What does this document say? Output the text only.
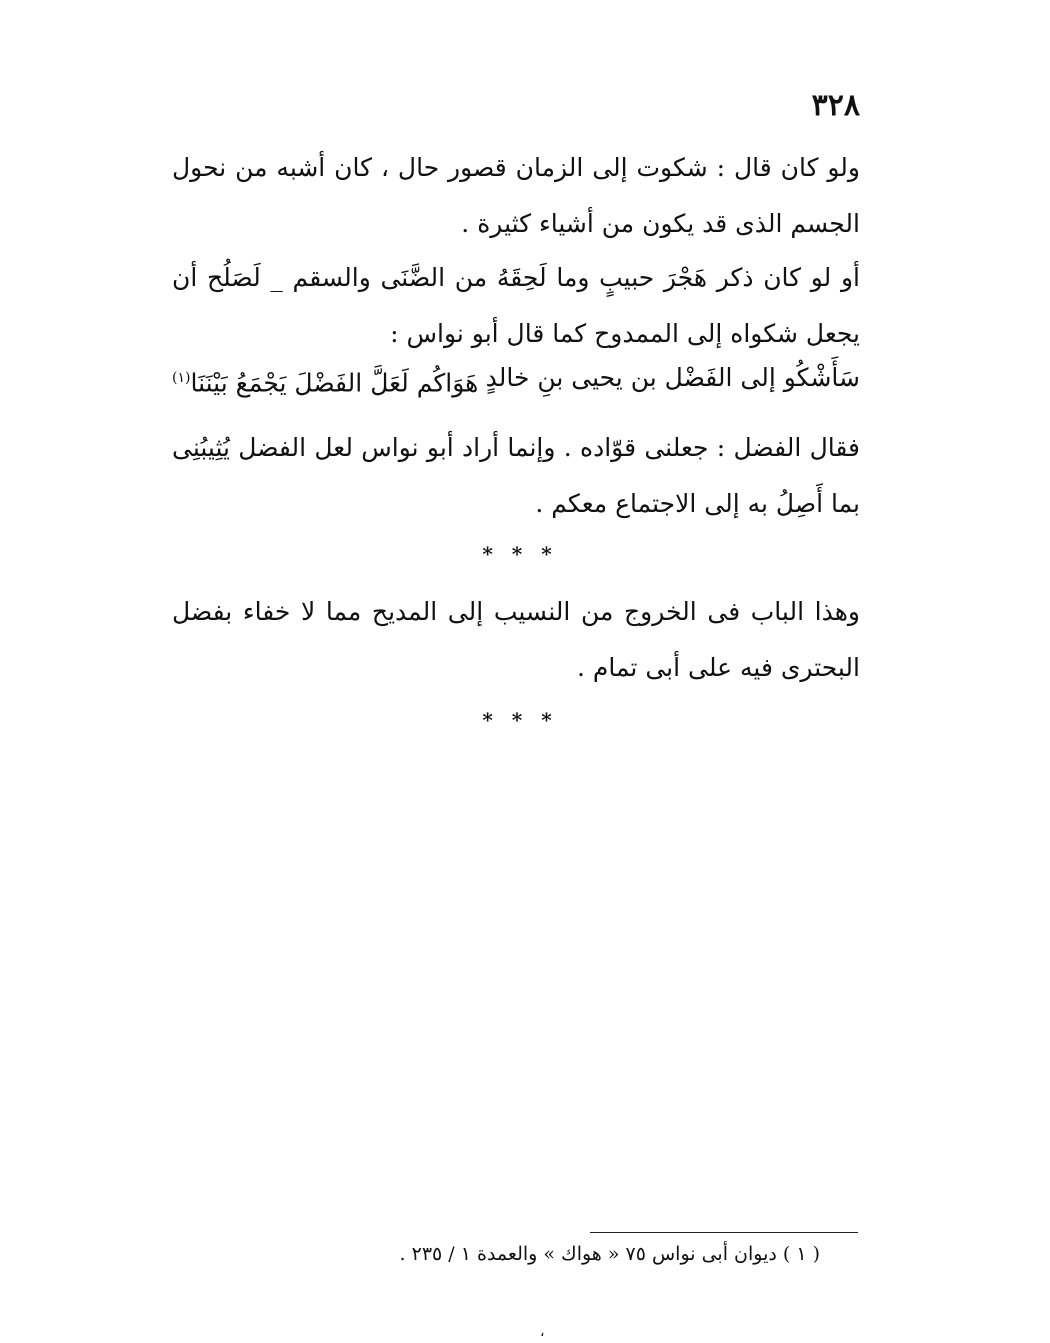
٣٢٨
ولو كان قال : شكوت إلى الزمان قصور حال ، كان أشبه من نحول الجسم الذى قد يكون من أشياء كثيرة .
أو لو كان ذكر هَجْرَ حبيبٍ وما لَحِقَهُ من الضَّنَى والسقم _ لَصَلُح أن يجعل شكواه إلى الممدوح كما قال أبو نواس :
سَأَشْكُو إلى الفَضْل بن يحيى بنِ خالدٍ
هَوَاكُم لَعَلَّ الفَضْلَ يَجْمَعُ بَيْنَنَا$^{(١)}$
فقال الفضل : جعلنى قوّاده . وإنما أراد أبو نواس لعل الفضل يُثِيبُنِى بما أَصِلُ به إلى الاجتماع معكم .
* * *
وهذا الباب فى الخروج من النسيب إلى المديح مما لا خفاء بفضل البحترى فيه على أبى تمام .
* * *
( ١ ) ديوان أبى نواس ٧٥ « هواك » والعمدة ١ / ٢٣٥ .
،
